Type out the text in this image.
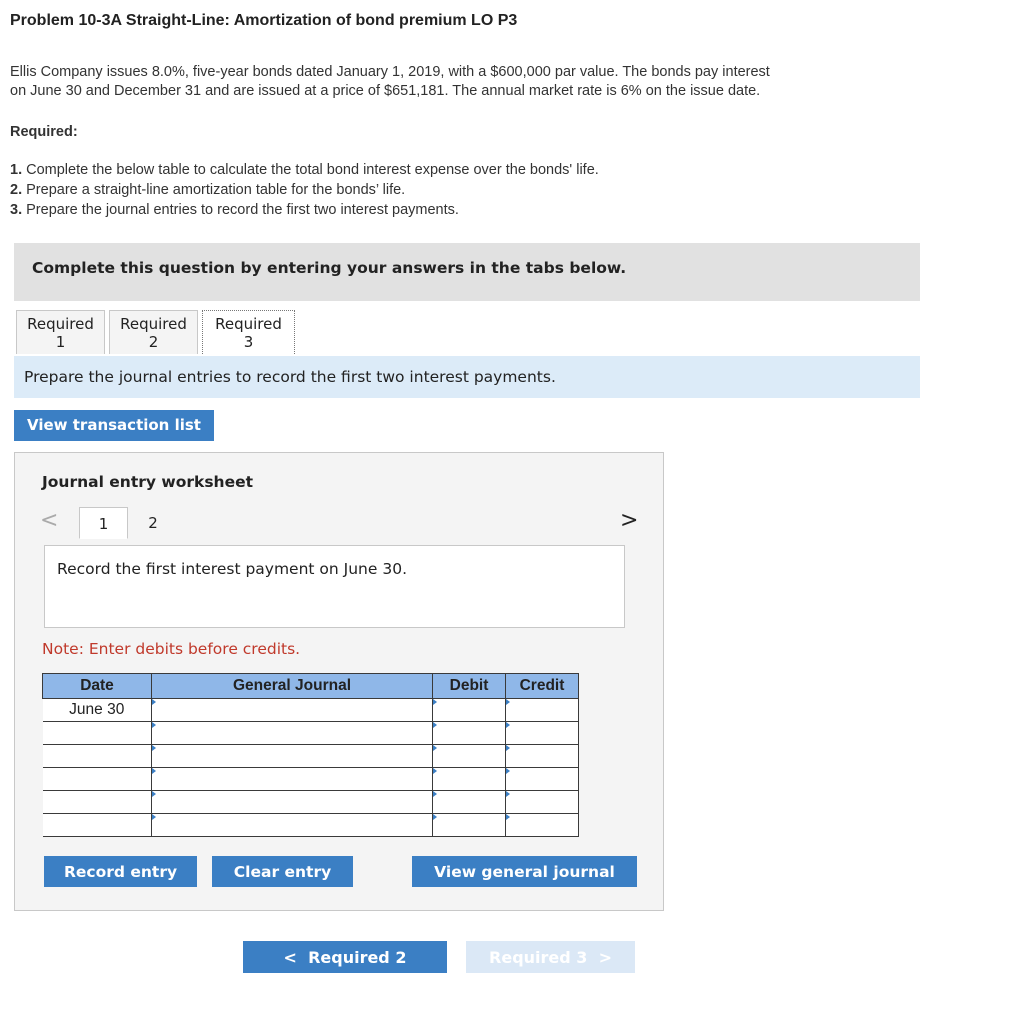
Problem 10-3A Straight-Line: Amortization of bond premium LO P3
Ellis Company issues 8.0%, five-year bonds dated January 1, 2019, with a $600,000 par value. The bonds pay interest
on June 30 and December 31 and are issued at a price of $651,181. The annual market rate is 6% on the issue date.
Required:
1. Complete the below table to calculate the total bond interest expense over the bonds' life.
2. Prepare a straight-line amortization table for the bonds’ life.
3. Prepare the journal entries to record the first two interest payments.
Complete this question by entering your answers in the tabs below.
Required
1
Required
2
Required
3
Prepare the journal entries to record the first two interest payments.
View transaction list
Journal entry worksheet
<	1	2	>
Record the first interest payment on June 30.
Note: Enter debits before credits.
Date	General Journal	Debit	Credit
June 30			

Record entry	Clear entry	View general journal
< Required 2	Required 3 >
